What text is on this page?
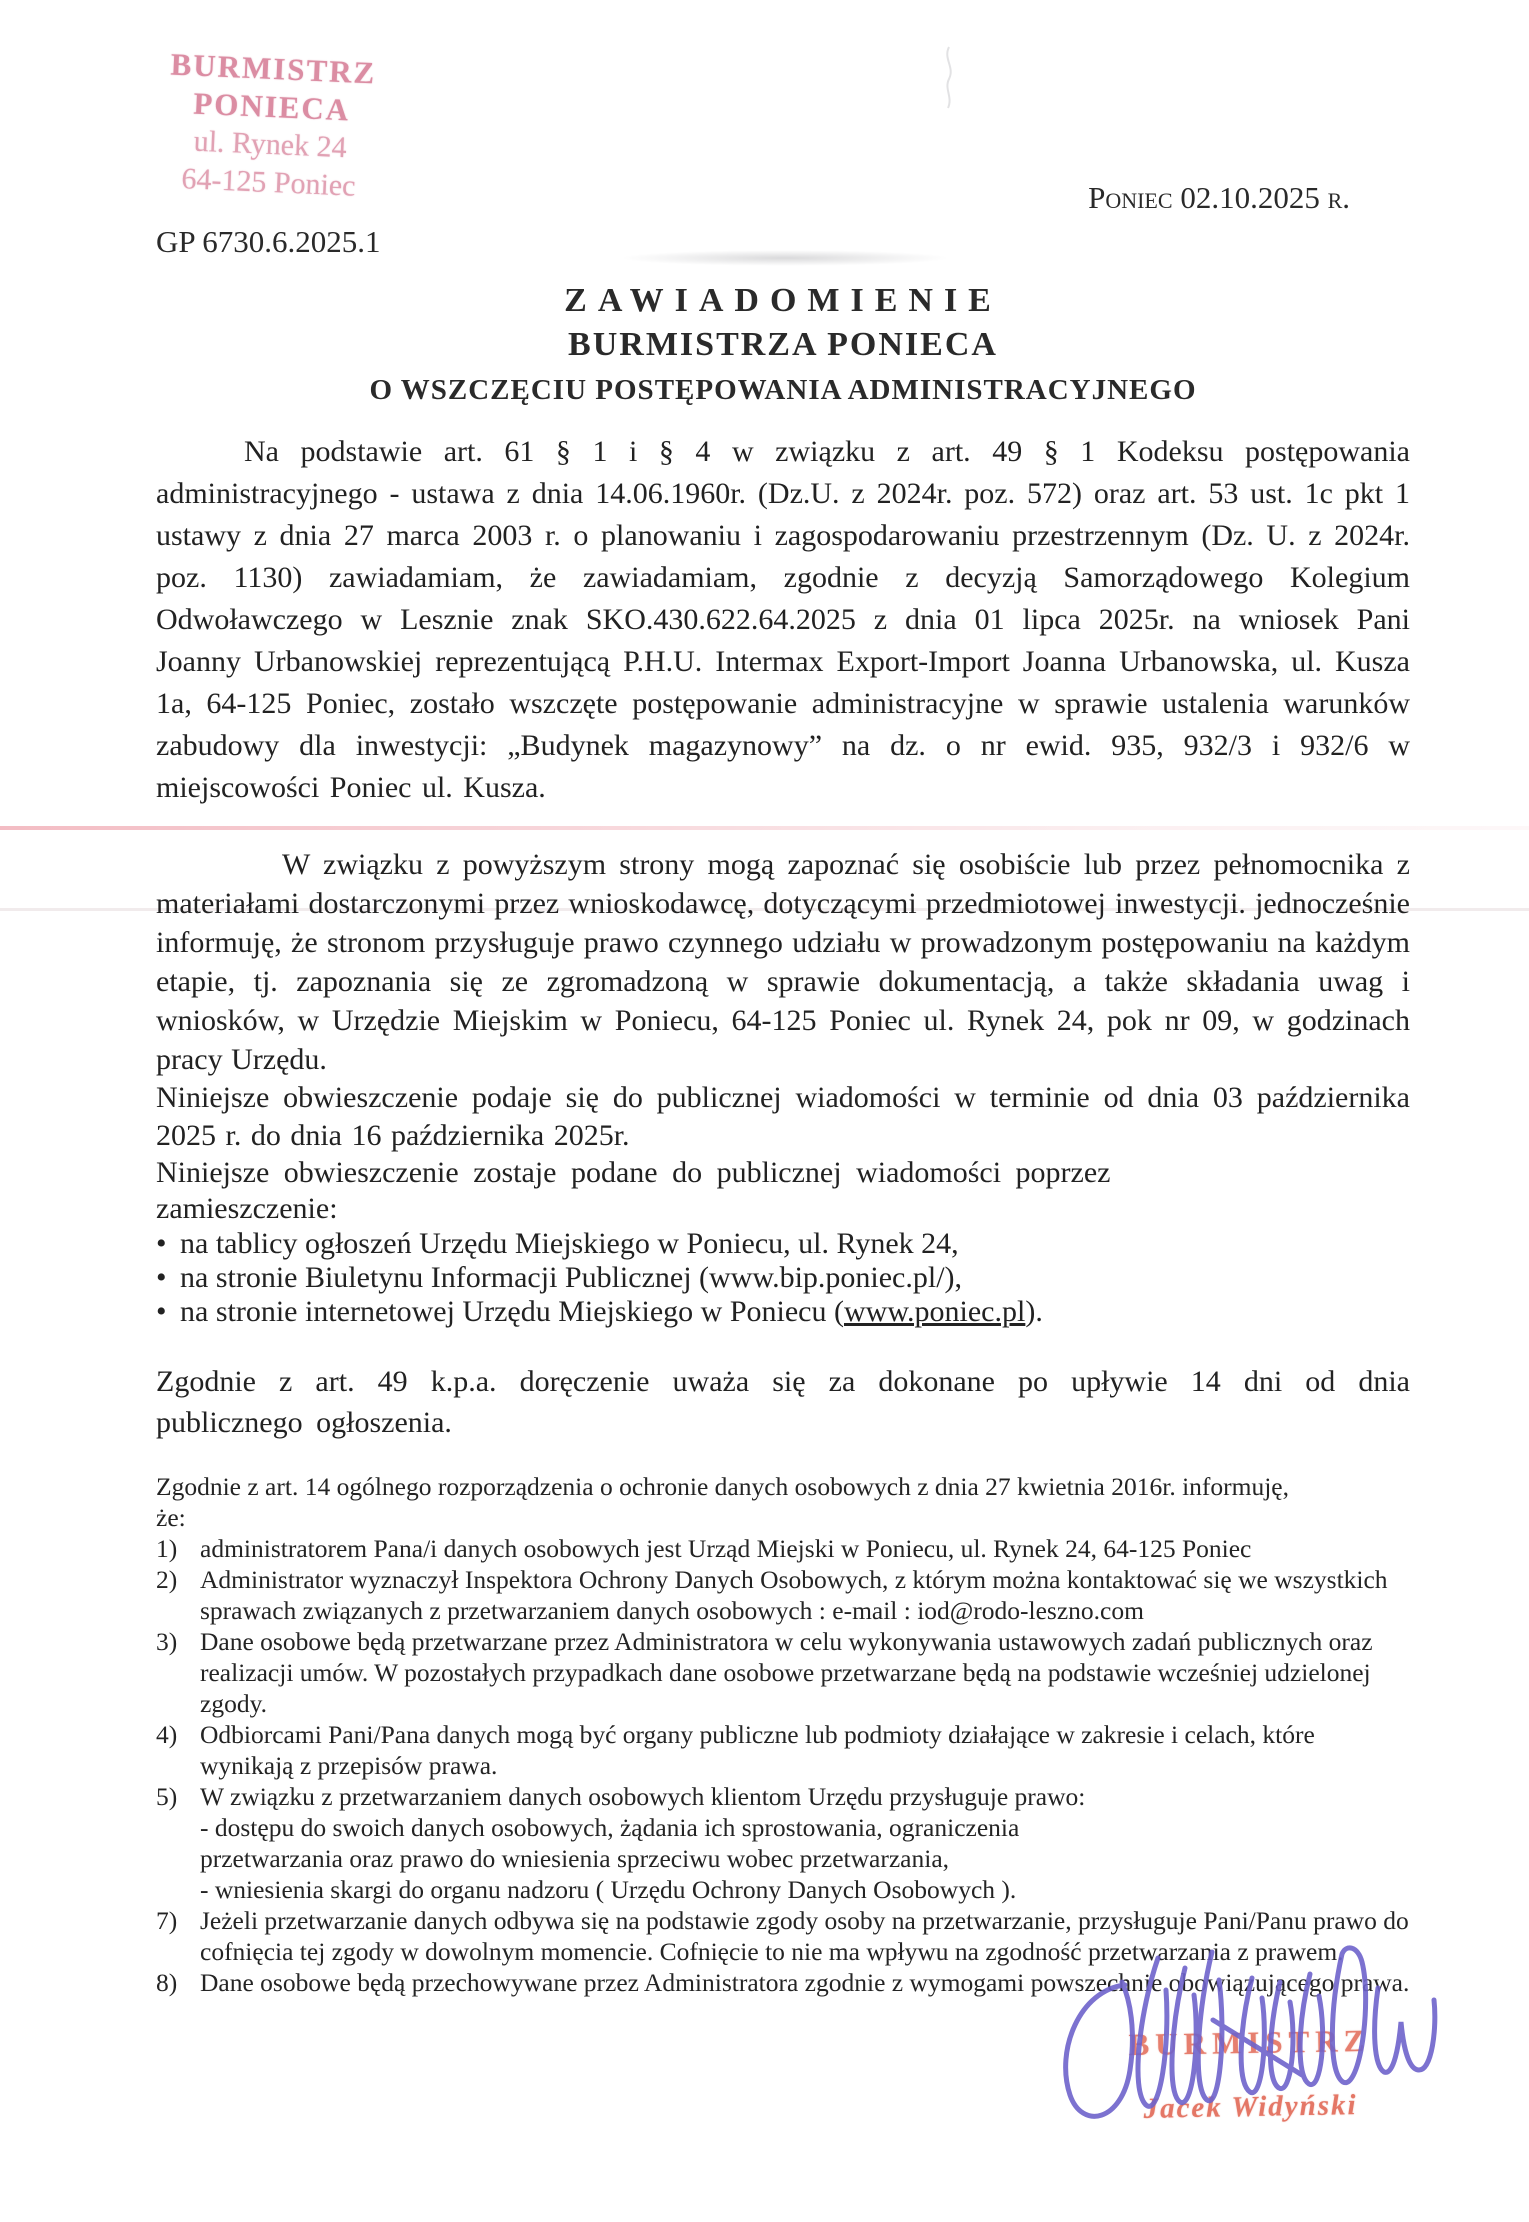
BURMISTRZ PONIECA
ul. Rynek 24
64-125 Poniec	Poniec 02.10.2025 r.
GP 6730.6.2025.1
ZAWIADOMIENIE
BURMISTRZA PONIECA
O WSZCZĘCIU POSTĘPOWANIA ADMINISTRACYJNEGO
Na podstawie art. 61 § 1 i § 4 w związku z art. 49 § 1 Kodeksu postępowania administracyjnego - ustawa z dnia 14.06.1960r. (Dz.U. z 2024r. poz. 572) oraz art. 53 ust. 1c pkt 1 ustawy z dnia 27 marca 2003 r. o planowaniu i zagospodarowaniu przestrzennym (Dz. U. z 2024r. poz. 1130) zawiadamiam, że zawiadamiam, zgodnie z decyzją Samorządowego Kolegium Odwoławczego w Lesznie znak SKO.430.622.64.2025 z dnia 01 lipca 2025r. na wniosek Pani Joanny Urbanowskiej reprezentującą P.H.U. Intermax Export-Import Joanna Urbanowska, ul. Kusza 1a, 64-125 Poniec, zostało wszczęte postępowanie administracyjne w sprawie ustalenia warunków zabudowy dla inwestycji: „Budynek magazynowy” na dz. o nr ewid. 935, 932/3 i 932/6 w miejscowości Poniec ul. Kusza.
W związku z powyższym strony mogą zapoznać się osobiście lub przez pełnomocnika z materiałami dostarczonymi przez wnioskodawcę, dotyczącymi przedmiotowej inwestycji. jednocześnie informuję, że stronom przysługuje prawo czynnego udziału w prowadzonym postępowaniu na każdym etapie, tj. zapoznania się ze zgromadzoną w sprawie dokumentacją, a także składania uwag i wniosków, w Urzędzie Miejskim w Poniecu, 64-125 Poniec ul. Rynek 24, pok nr 09, w godzinach pracy Urzędu.
Niniejsze obwieszczenie podaje się do publicznej wiadomości w terminie od dnia 03 października 2025 r. do dnia 16 października 2025r.
Niniejsze obwieszczenie zostaje podane do publicznej wiadomości poprzez
zamieszczenie:
• na tablicy ogłoszeń Urzędu Miejskiego w Poniecu, ul. Rynek 24,
• na stronie Biuletynu Informacji Publicznej (www.bip.poniec.pl/),
• na stronie internetowej Urzędu Miejskiego w Poniecu (www.poniec.pl).
Zgodnie z art. 49 k.p.a. doręczenie uważa się za dokonane po upływie 14 dni od dnia publicznego ogłoszenia.
Zgodnie z art. 14 ogólnego rozporządzenia o ochronie danych osobowych z dnia 27 kwietnia 2016r. informuję,
że:
1) administratorem Pana/i danych osobowych jest Urząd Miejski w Poniecu, ul. Rynek 24, 64-125 Poniec
2) Administrator wyznaczył Inspektora Ochrony Danych Osobowych, z którym można kontaktować się we wszystkich sprawach związanych z przetwarzaniem danych osobowych : e-mail : iod@rodo-leszno.com
3) Dane osobowe będą przetwarzane przez Administratora w celu wykonywania ustawowych zadań publicznych oraz realizacji umów. W pozostałych przypadkach dane osobowe przetwarzane będą na podstawie wcześniej udzielonej zgody.
4) Odbiorcami Pani/Pana danych mogą być organy publiczne lub podmioty działające w zakresie i celach, które wynikają z przepisów prawa.
5) W związku z przetwarzaniem danych osobowych klientom Urzędu przysługuje prawo:
- dostępu do swoich danych osobowych, żądania ich sprostowania, ograniczenia
przetwarzania oraz prawo do wniesienia sprzeciwu wobec przetwarzania,
- wniesienia skargi do organu nadzoru ( Urzędu Ochrony Danych Osobowych ).
7) Jeżeli przetwarzanie danych odbywa się na podstawie zgody osoby na przetwarzanie, przysługuje Pani/Panu prawo do cofnięcia tej zgody w dowolnym momencie. Cofnięcie to nie ma wpływu na zgodność przetwarzania z prawem.
8) Dane osobowe będą przechowywane przez Administratora zgodnie z wymogami powszechnie obowiązującego prawa.
BURMISTRZ
Jacek Widyński
